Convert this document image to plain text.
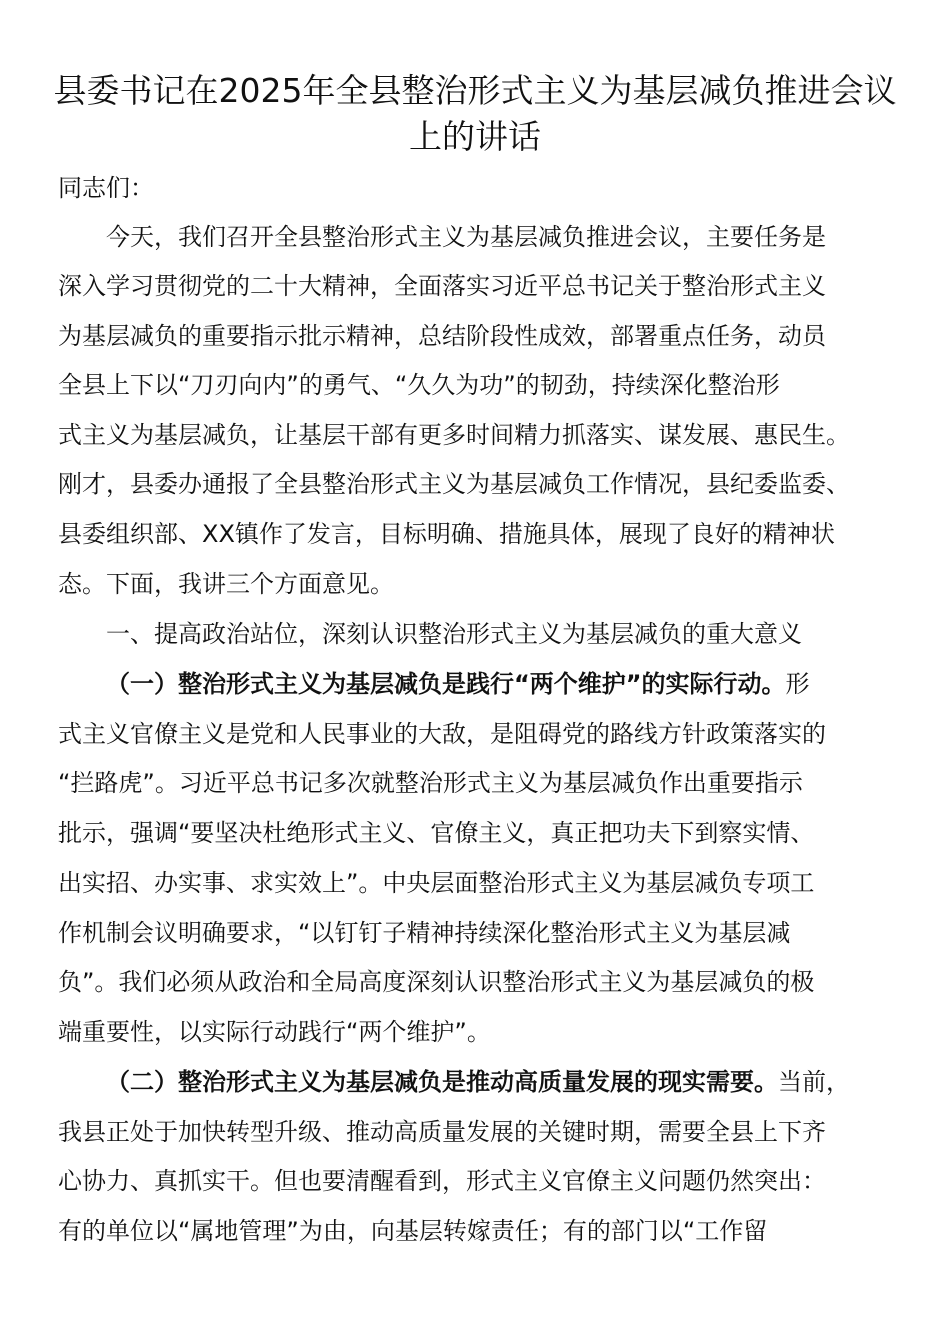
县委书记在2025年全县整治形式主义为基层减负推进会议上的讲话

同志们：

今天，我们召开全县整治形式主义为基层减负推进会议，主要任务是

深入学习贯彻党的二十大精神，全面落实习近平总书记关于整治形式主义

为基层减负的重要指示批示精神，总结阶段性成效，部署重点任务，动员

全县上下以“刀刃向内”的勇气、“久久为功”的韧劲，持续深化整治形

式主义为基层减负，让基层干部有更多时间精力抓落实、谋发展、惠民生。

刚才，县委办通报了全县整治形式主义为基层减负工作情况，县纪委监委、

县委组织部、XX镇作了发言，目标明确、措施具体，展现了良好的精神状

态。下面，我讲三个方面意见。

一、提高政治站位，深刻认识整治形式主义为基层减负的重大意义

（一）整治形式主义为基层减负是践行“两个维护”的实际行动。形

式主义官僚主义是党和人民事业的大敌，是阻碍党的路线方针政策落实的

“拦路虎”。习近平总书记多次就整治形式主义为基层减负作出重要指示

批示，强调“要坚决杜绝形式主义、官僚主义，真正把功夫下到察实情、

出实招、办实事、求实效上”。中央层面整治形式主义为基层减负专项工

作机制会议明确要求，“以钉钉子精神持续深化整治形式主义为基层减

负”。我们必须从政治和全局高度深刻认识整治形式主义为基层减负的极

端重要性，以实际行动践行“两个维护”。

（二）整治形式主义为基层减负是推动高质量发展的现实需要。当前，

我县正处于加快转型升级、推动高质量发展的关键时期，需要全县上下齐

心协力、真抓实干。但也要清醒看到，形式主义官僚主义问题仍然突出：

有的单位以“属地管理”为由，向基层转嫁责任；有的部门以“工作留
